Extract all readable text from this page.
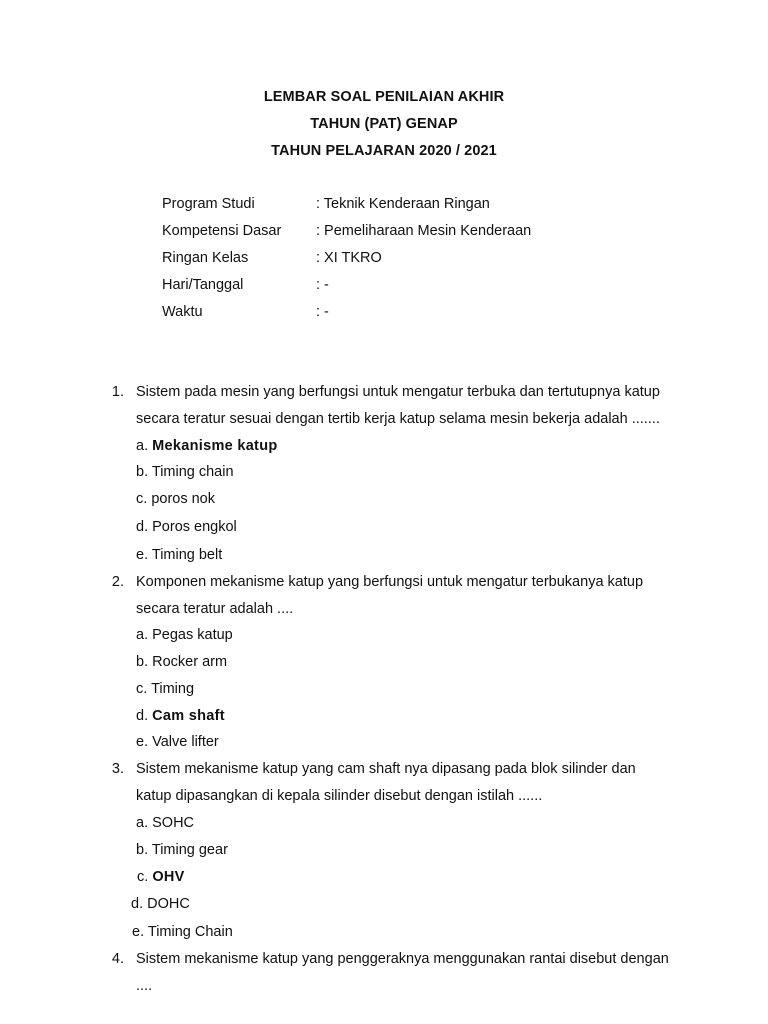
LEMBAR SOAL PENILAIAN AKHIR
TAHUN (PAT) GENAP
TAHUN PELAJARAN 2020 / 2021
Program Studi	: Teknik Kenderaan Ringan
Kompetensi Dasar : Pemeliharaan Mesin Kenderaan
Ringan Kelas	: XI TKRO
Hari/Tanggal	: -
Waktu	: -
1. Sistem pada mesin yang berfungsi untuk mengatur terbuka dan tertutupnya katup
secara teratur sesuai dengan tertib kerja katup selama mesin bekerja adalah .......
a. Mekanisme katup
b. Timing chain
c. poros nok
d. Poros engkol
e. Timing belt
2. Komponen mekanisme katup yang berfungsi untuk mengatur terbukanya katup
secara teratur adalah ....
a. Pegas katup
b. Rocker arm
c. Timing
d. Cam shaft
e. Valve lifter
3. Sistem mekanisme katup yang cam shaft nya dipasang pada blok silinder dan
katup dipasangkan di kepala silinder disebut dengan istilah ......
a. SOHC
b. Timing gear
c. OHV
d. DOHC
e. Timing Chain
4. Sistem mekanisme katup yang penggeraknya menggunakan rantai disebut dengan
....
